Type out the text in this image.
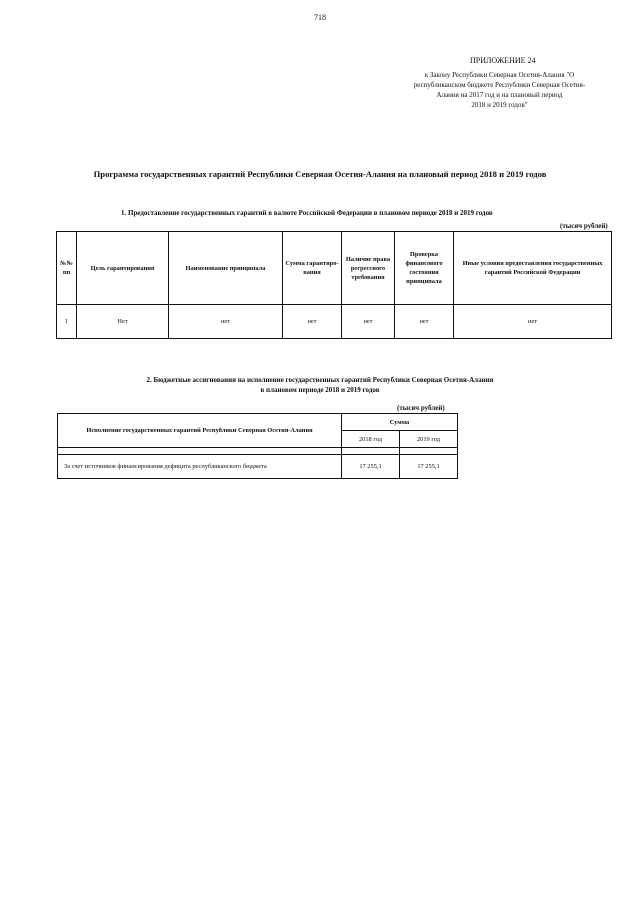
718
ПРИЛОЖЕНИЕ 24
к Закону Республики Северная Осетия-Алания "О
республиканском бюджете Республики Северная Осетия-
Алания на 2017 год и на плановый период
2018 и 2019 годов"
Программа государственных гарантий Республики Северная Осетия-Алания на плановый период 2018 и 2019 годов
1. Предоставление государственных гарантий в валюте Российской Федерации в плановом периоде 2018 и 2019 годов
(тысяч рублей)
№№ пп	Цель гарантирования	Наименование принципала	Сумма гарантиро-вания	Наличие права регрессного требования	Проверка финансового состояния принципала	Иные условия предоставления государственных гарантий Российской Федерации
1	Нет	нет	нет	нет	нет	нет
2. Бюджетные ассигнования на исполнение государственных гарантий Республики Северная Осетия-Алания
в плановом периоде 2018 и 2019 годов
(тысяч рублей)
Исполнение государственных гарантий Республики Северная Осетия-Алания	Сумма	
	2018 год	2019 год

За счет источников финансирования дефицита республиканского бюджета	17 255,1	17 255,1
